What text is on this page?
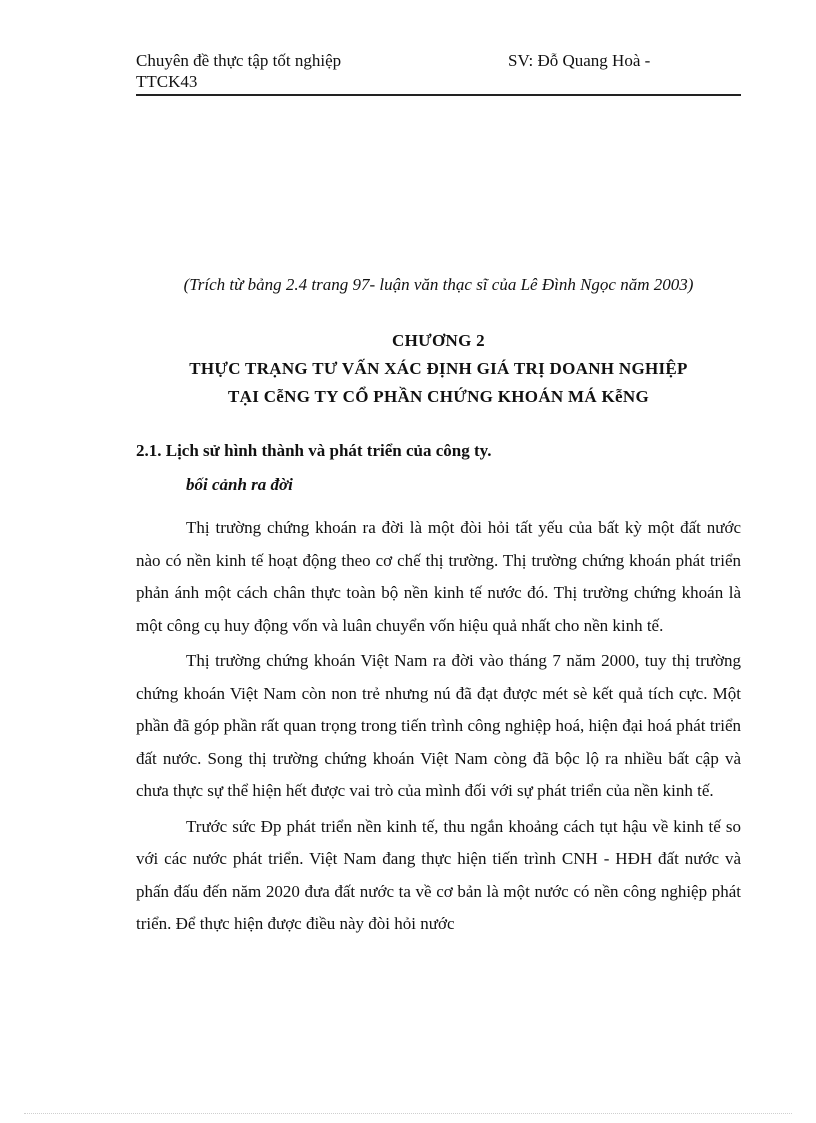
Chuyên đề thực tập tốt nghiệp	SV: Đỗ Quang Hoà -
TTCK43
(Trích từ bảng 2.4 trang 97- luận văn thạc sĩ của Lê Đình Ngọc năm 2003)
CHƯƠNG 2
THỰC TRẠNG TƯ VẤN XÁC ĐỊNH GIÁ TRỊ DOANH NGHIỆP
TẠI CễNG TY CỔ PHẦN CHỨNG KHOÁN MÁ KễNG
2.1. Lịch sử hình thành và phát triển của công ty.
bối cảnh ra đời

Thị trường chứng khoán ra đời là một đòi hỏi tất yếu của bất kỳ một đất nước nào có nền kinh tế hoạt động theo cơ chế thị trường. Thị trường chứng khoán phát triển phản ánh một cách chân thực toàn bộ nền kinh tế nước đó. Thị trường chứng khoán là một công cụ huy động vốn và luân chuyển vốn hiệu quả nhất cho nền kinh tế.

Thị trường chứng khoán Việt Nam ra đời vào tháng 7 năm 2000, tuy thị trường chứng khoán Việt Nam còn non trẻ nhưng nú đã đạt được mét sè kết quả tích cực. Một phần đã góp phần rất quan trọng trong tiến trình công nghiệp hoá, hiện đại hoá phát triển đất nước. Song thị trường chứng khoán Việt Nam còng đã bộc lộ ra nhiều bất cập và chưa thực sự thể hiện hết được vai trò của mình đối với sự phát triển của nền kinh tế.

Trước sức Đp phát triển nền kinh tế, thu ngắn khoảng cách tụt hậu về kinh tế so với các nước phát triển. Việt Nam đang thực hiện tiến trình CNH - HĐH đất nước và phấn đấu đến năm 2020 đưa đất nước ta về cơ bản là một nước có nền công nghiệp phát triển. Để thực hiện được điều này đòi hỏi nước
